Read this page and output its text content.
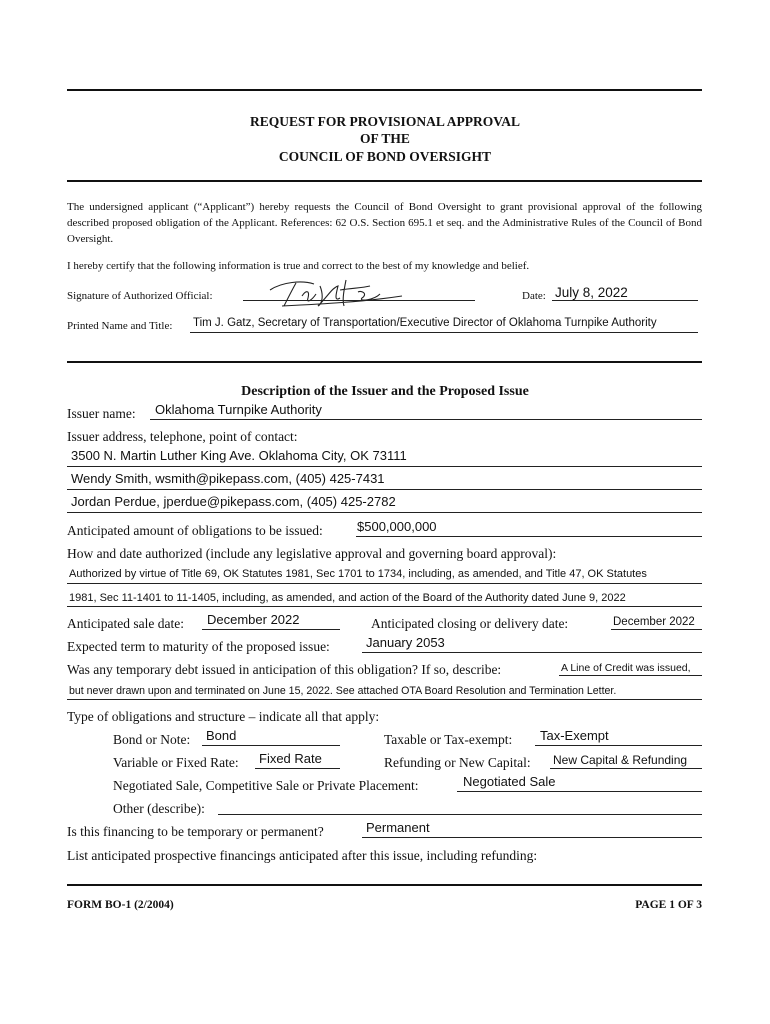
REQUEST FOR PROVISIONAL APPROVAL
OF THE
COUNCIL OF BOND OVERSIGHT
The undersigned applicant (“Applicant”) hereby requests the Council of Bond Oversight to grant provisional approval of the following described proposed obligation of the Applicant. References: 62 O.S. Section 695.1 et seq. and the Administrative Rules of the Council of Bond Oversight.
I hereby certify that the following information is true and correct to the best of my knowledge and belief.
Signature of Authorized Official:	Date: July 8, 2022
Printed Name and Title: Tim J. Gatz, Secretary of Transportation/Executive Director of Oklahoma Turnpike Authority
Description of the Issuer and the Proposed Issue
Issuer name: Oklahoma Turnpike Authority
Issuer address, telephone, point of contact:
3500 N. Martin Luther King Ave. Oklahoma City, OK 73111
Wendy Smith, wsmith@pikepass.com, (405) 425-7431
Jordan Perdue, jperdue@pikepass.com, (405) 425-2782
Anticipated amount of obligations to be issued:	$500,000,000
How and date authorized (include any legislative approval and governing board approval):
Authorized by virtue of Title 69, OK Statutes 1981, Sec 1701 to 1734, including, as amended, and Title 47, OK Statutes
1981, Sec 11-1401 to 11-1405, including, as amended, and action of the Board of the Authority dated June 9, 2022
Anticipated sale date: December 2022	Anticipated closing or delivery date:	December 2022
Expected term to maturity of the proposed issue:	January 2053
Was any temporary debt issued in anticipation of this obligation? If so, describe:	A Line of Credit was issued,
but never drawn upon and terminated on June 15, 2022. See attached OTA Board Resolution and Termination Letter.
Type of obligations and structure – indicate all that apply:
Bond or Note: Bond	Taxable or Tax-exempt: Tax-Exempt
Variable or Fixed Rate: Fixed Rate	Refunding or New Capital: New Capital & Refunding
Negotiated Sale, Competitive Sale or Private Placement:	Negotiated Sale
Other (describe):
Is this financing to be temporary or permanent?	Permanent
List anticipated prospective financings anticipated after this issue, including refunding:
FORM BO-1 (2/2004)	PAGE 1 OF 3
